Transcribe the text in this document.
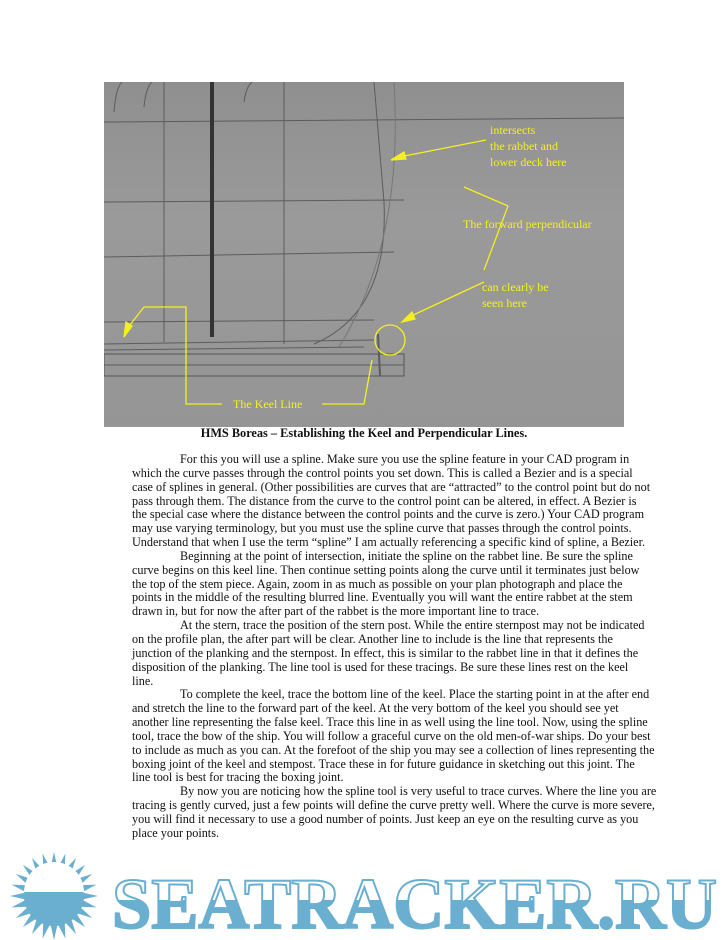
intersects
the rabbet and
lower deck here
The forward perpendicular
can clearly be
seen here
The Keel Line
HMS Boreas – Establishing the Keel and Perpendicular Lines.
For this you will use a spline. Make sure you use the spline feature in your CAD program in
which the curve passes through the control points you set down. This is called a Bezier and is a special
case of splines in general. (Other possibilities are curves that are “attracted” to the control point but do not
pass through them. The distance from the curve to the control point can be altered, in effect. A Bezier is
the special case where the distance between the control points and the curve is zero.) Your CAD program
may use varying terminology, but you must use the spline curve that passes through the control points.
Understand that when I use the term “spline” I am actually referencing a specific kind of spline, a Bezier.
Beginning at the point of intersection, initiate the spline on the rabbet line. Be sure the spline
curve begins on this keel line. Then continue setting points along the curve until it terminates just below
the top of the stem piece. Again, zoom in as much as possible on your plan photograph and place the
points in the middle of the resulting blurred line. Eventually you will want the entire rabbet at the stem
drawn in, but for now the after part of the rabbet is the more important line to trace.
At the stern, trace the position of the stern post. While the entire sternpost may not be indicated
on the profile plan, the after part will be clear. Another line to include is the line that represents the
junction of the planking and the sternpost. In effect, this is similar to the rabbet line in that it defines the
disposition of the planking. The line tool is used for these tracings. Be sure these lines rest on the keel
line.
To complete the keel, trace the bottom line of the keel. Place the starting point in at the after end
and stretch the line to the forward part of the keel. At the very bottom of the keel you should see yet
another line representing the false keel. Trace this line in as well using the line tool. Now, using the spline
tool, trace the bow of the ship. You will follow a graceful curve on the old men-of-war ships. Do your best
to include as much as you can. At the forefoot of the ship you may see a collection of lines representing the
boxing joint of the keel and stempost. Trace these in for future guidance in sketching out this joint. The
line tool is best for tracing the boxing joint.
By now you are noticing how the spline tool is very useful to trace curves. Where the line you are
tracing is gently curved, just a few points will define the curve pretty well. Where the curve is more severe,
you will find it necessary to use a good number of points. Just keep an eye on the resulting curve as you
place your points.
SEATRACKER.RU
